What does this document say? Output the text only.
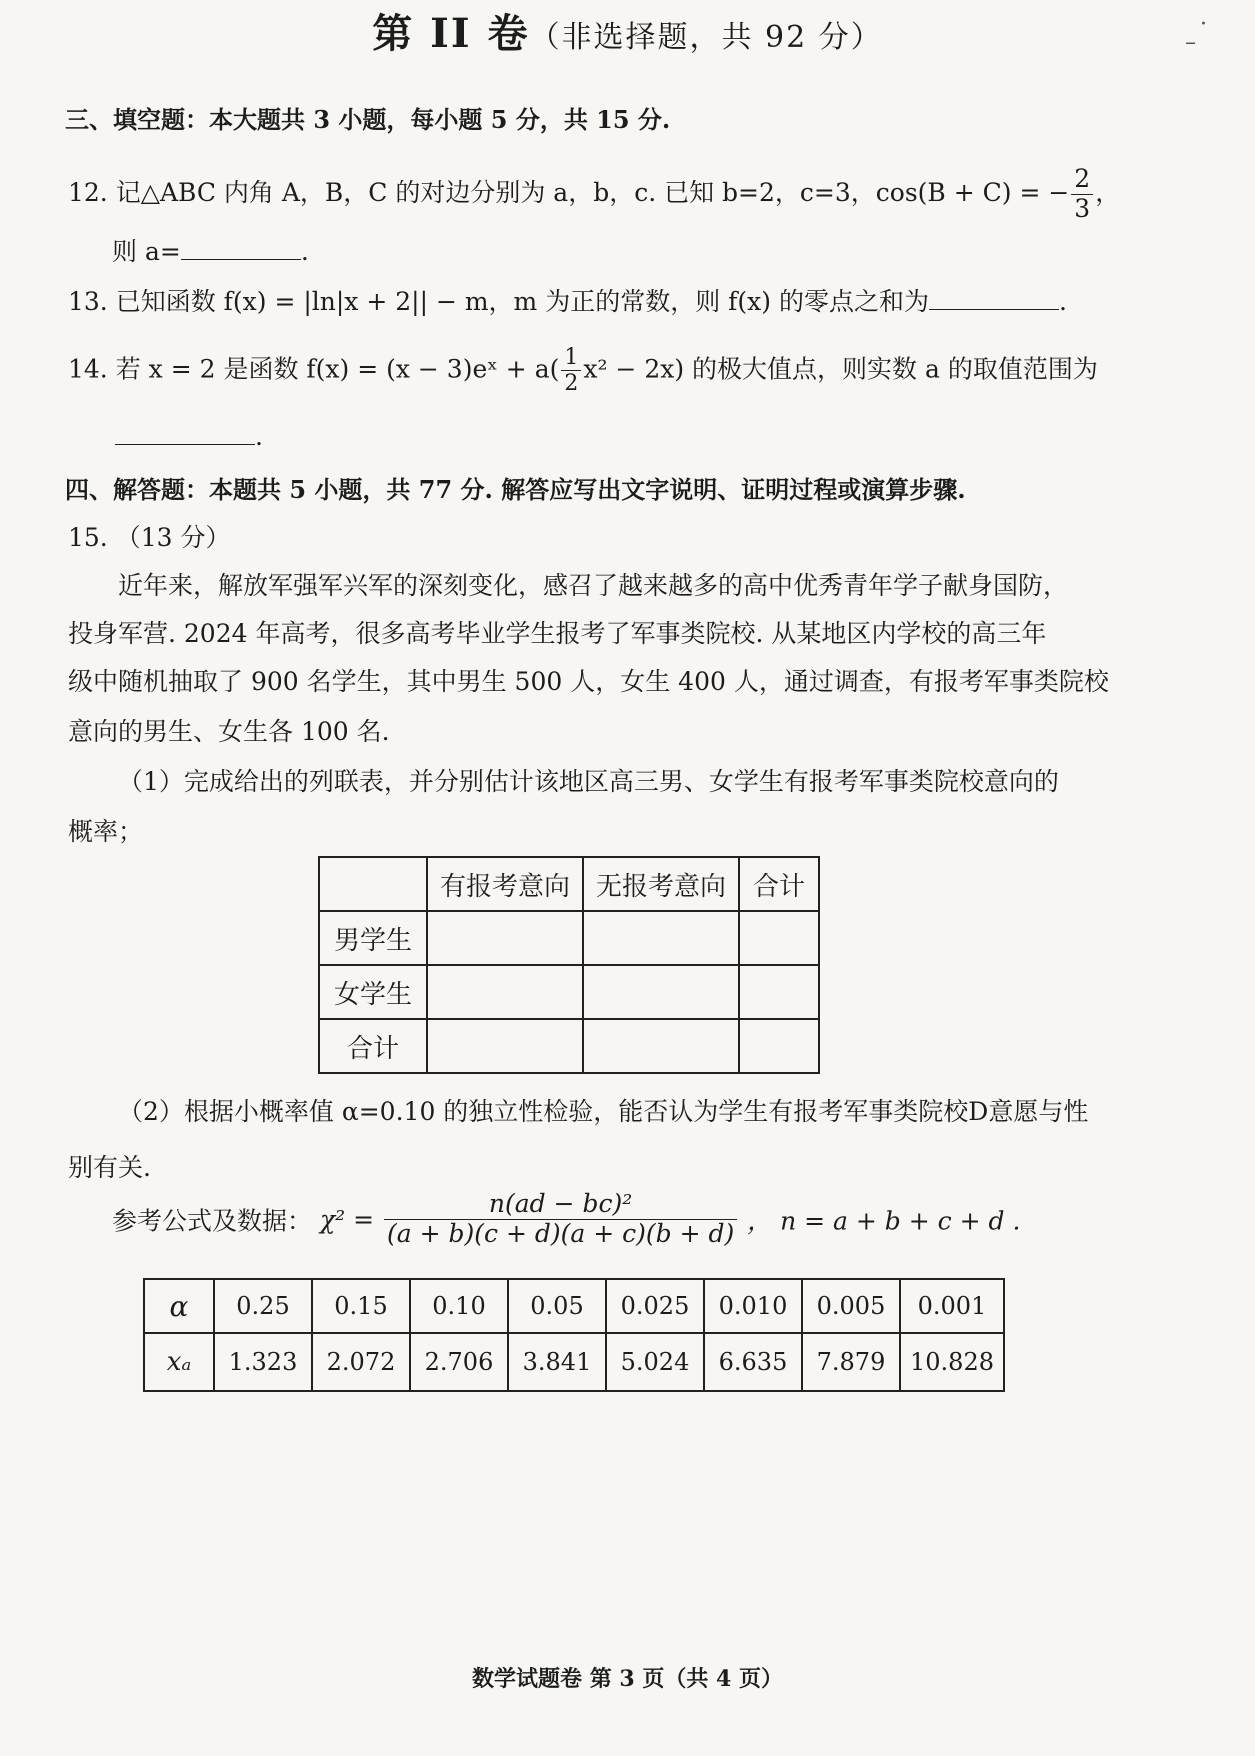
第 II 卷（非选择题，共 92 分）	·
–
三、填空题：本大题共 3 小题，每小题 5 分，共 15 分.
12. 记△ABC 内角 A，B，C 的对边分别为 a，b，c. 已知 b=2，c=3，cos(B + C) = − $\frac{2}{3}$ ，
则 a=	.
13. 已知函数 f(x) = |ln|x + 2|| − m，m 为正的常数，则 f(x) 的零点之和为	.
14. 若 x = 2 是函数 f(x) = (x − 3)eˣ + $a( \frac{1}{2} x^2 - 2x)$ 的极大值点，则实数 a 的取值范围为
.
四、解答题：本题共 5 小题，共 77 分. 解答应写出文字说明、证明过程或演算步骤.
15. （13 分）
近年来，解放军强军兴军的深刻变化，感召了越来越多的高中优秀青年学子献身国防，
投身军营. 2024 年高考，很多高考毕业学生报考了军事类院校. 从某地区内学校的高三年
级中随机抽取了 900 名学生，其中男生 500 人，女生 400 人，通过调查，有报考军事类院校
意向的男生、女生各 100 名.
（1）完成给出的列联表，并分别估计该地区高三男、女学生有报考军事类院校意向的
概率；
	有报考意向	无报考意向	合计
男学生			
女学生			
合计			
（2）根据小概率值 α=0.10 的独立性检验，能否认为学生有报考军事类院校D意愿与性
别有关.
参考公式及数据： $\chi^2 = \frac{\text{n(ad − bc)²}}{(a + b)(c + d)(a + c)(b + d)}$ ， n = a + b + c + d .
α	0.25	0.15	0.10	0.05	0.025	0.010	0.005	0.001
xₐ	1.323	2.072	2.706	3.841	5.024	6.635	7.879	10.828
数学试题卷 第 3 页（共 4 页）
